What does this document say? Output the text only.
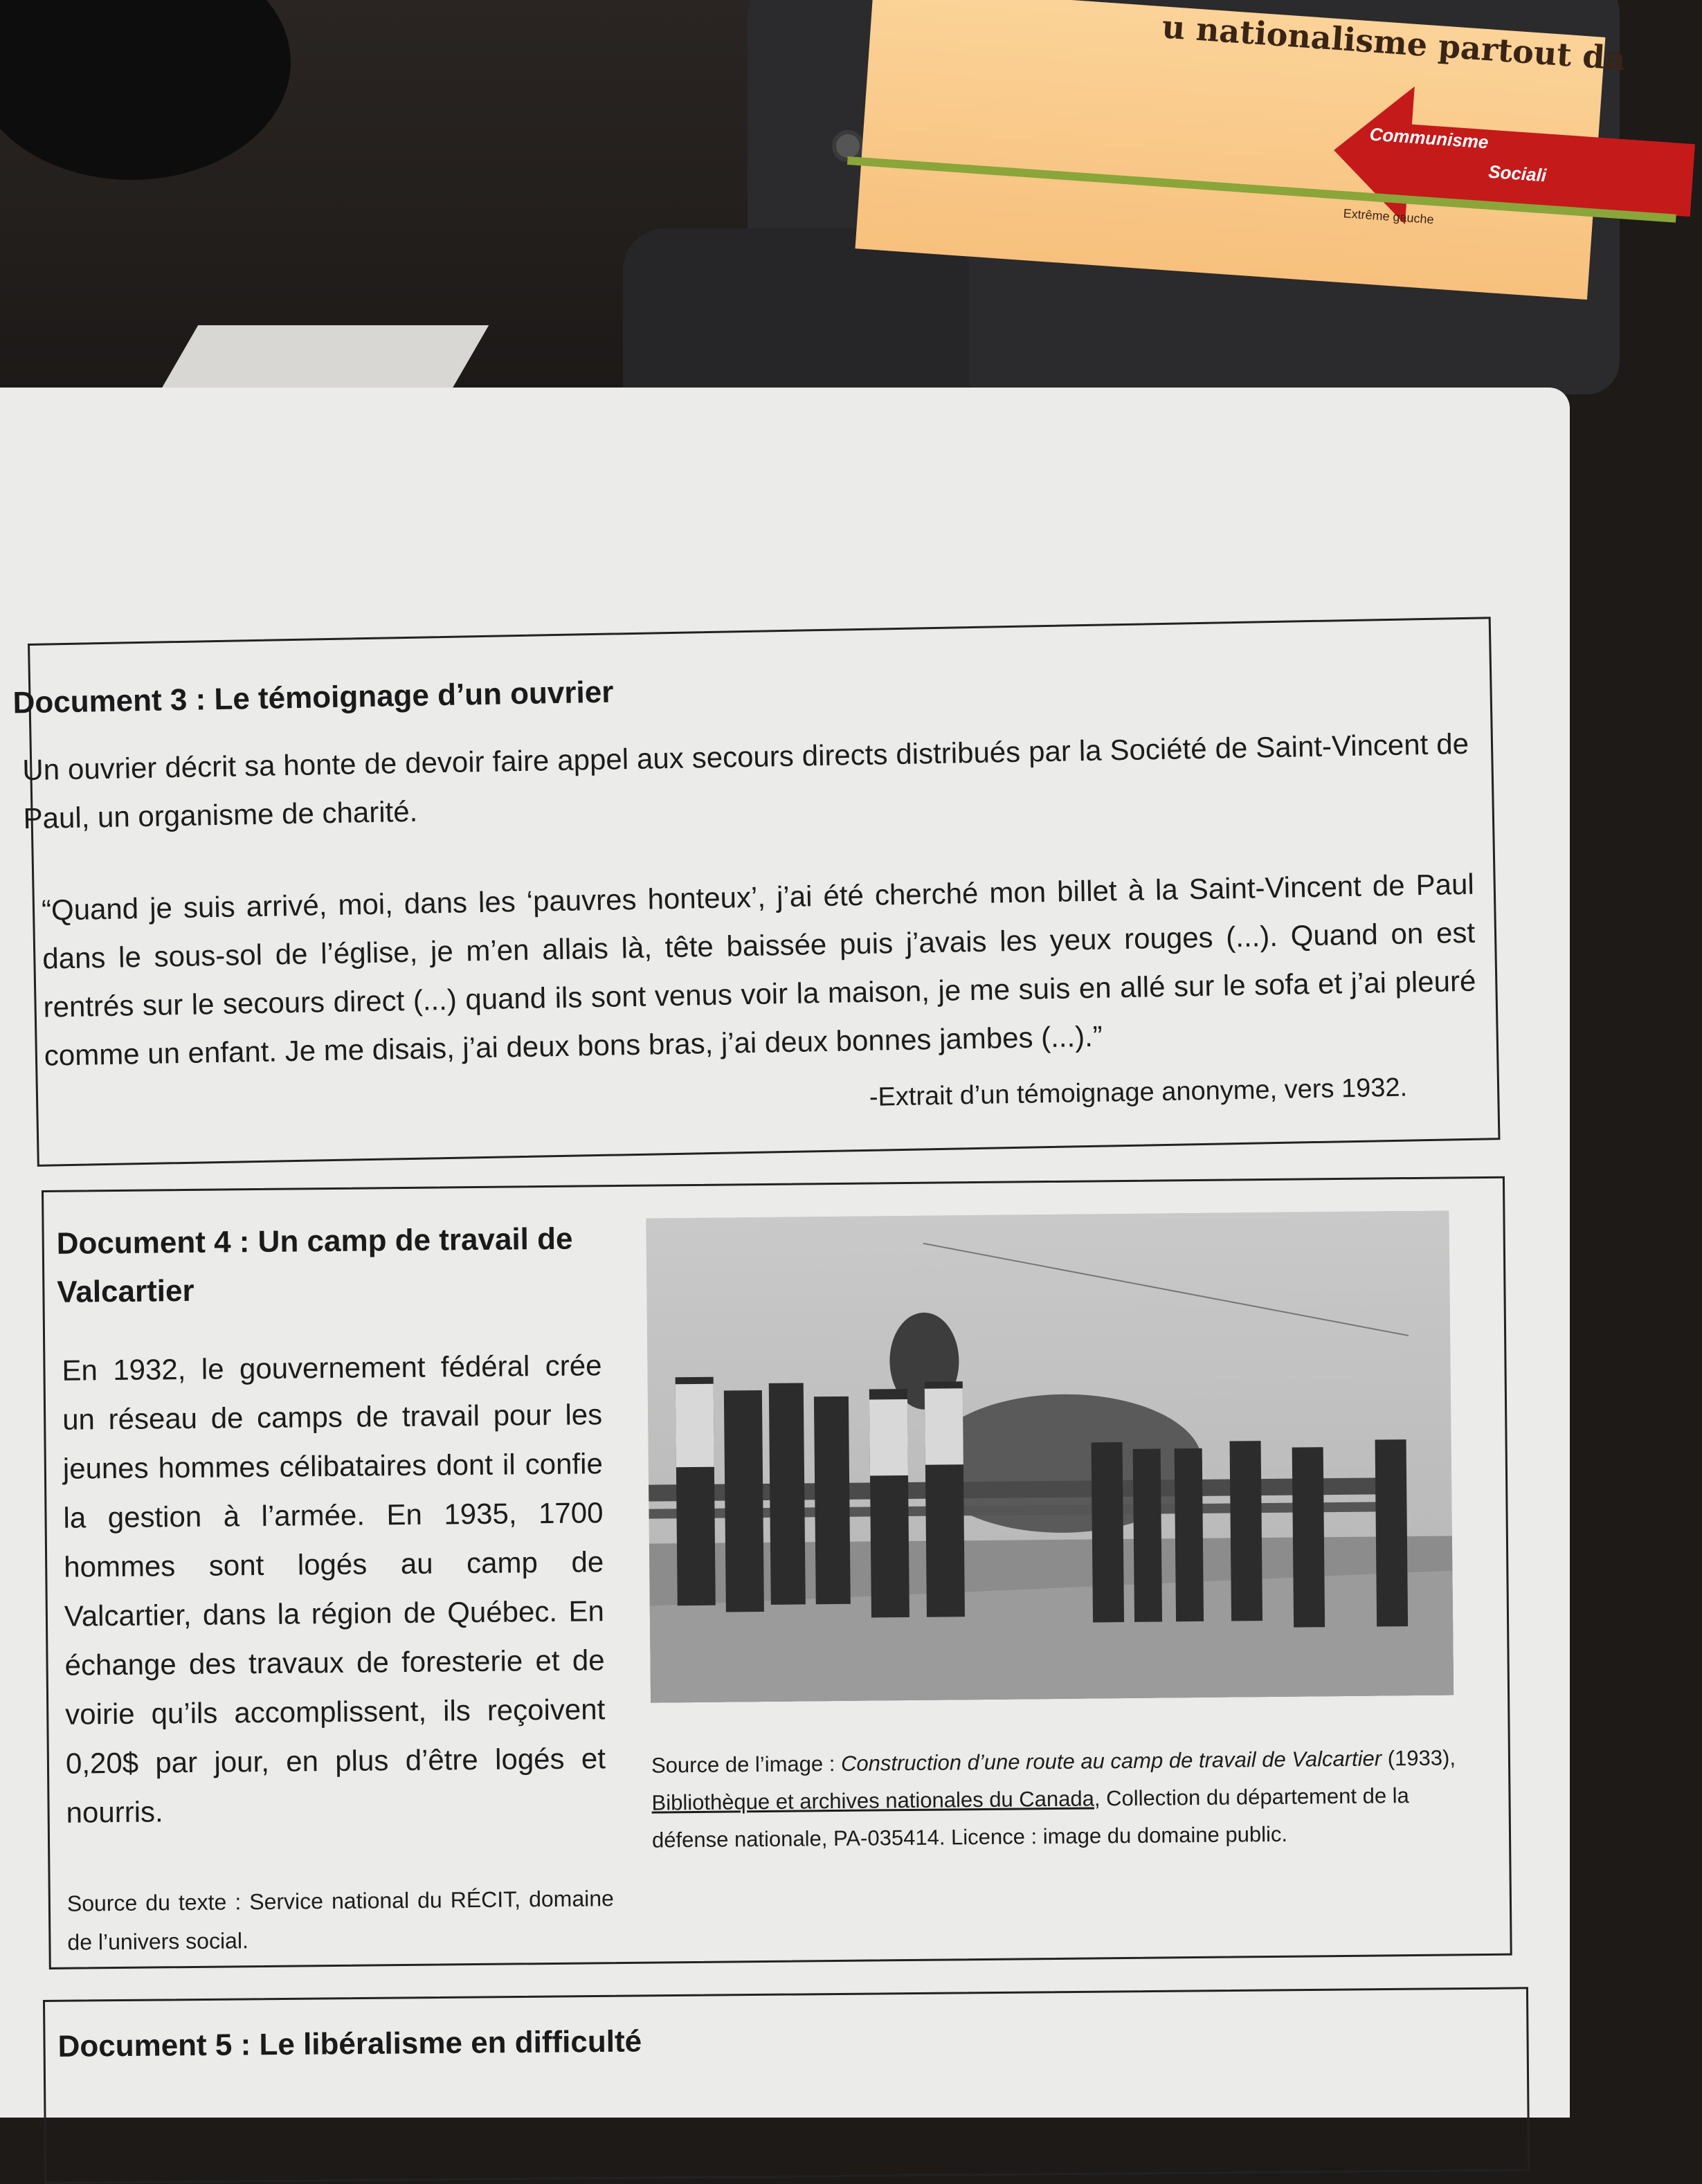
u nationalisme partout da
Communisme
Sociali
Extrême gauche
Document 3 : Le témoignage d’un ouvrier
Un ouvrier décrit sa honte de devoir faire appel aux secours directs distribués par la Société de Saint-Vincent de Paul, un organisme de charité.
“Quand je suis arrivé, moi, dans les ‘pauvres honteux’, j’ai été cherché mon billet à la Saint-Vincent de Paul dans le sous-sol de l’église, je m’en allais là, tête baissée puis j’avais les yeux rouges (...). Quand on est rentrés sur le secours direct (...) quand ils sont venus voir la maison, je me suis en allé sur le sofa et j’ai pleuré comme un enfant. Je me disais, j’ai deux bons bras, j’ai deux bonnes jambes (...).”
-Extrait d’un témoignage anonyme, vers 1932.
Document 4 : Un camp de travail de Valcartier
En 1932, le gouvernement fédéral crée un réseau de camps de travail pour les jeunes hommes célibataires dont il confie la gestion à l’armée. En 1935, 1700 hommes sont logés au camp de Valcartier, dans la région de Québec. En échange des travaux de foresterie et de voirie qu’ils accomplissent, ils reçoivent 0,20$ par jour, en plus d’être logés et nourris.
Source du texte : Service national du RÉCIT, domaine de l’univers social.
Source de l’image : Construction d’une route au camp de travail de Valcartier (1933), Bibliothèque et archives nationales du Canada, Collection du département de la défense nationale, PA-035414. Licence : image du domaine public.
Document 5 : Le libéralisme en difficulté
